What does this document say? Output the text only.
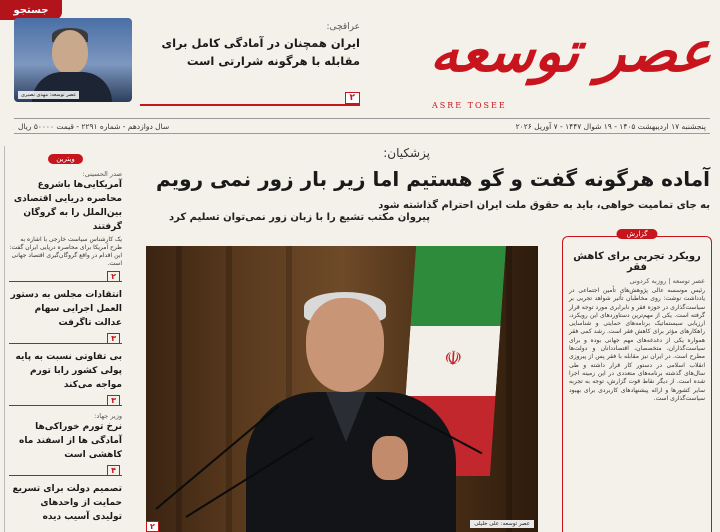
جستجو
عصر توسعه
ASRE TOSEE
عصر توسعه: مهدی نصیری
عراقچی:
ایران همچنان در آمادگی کامل برای مقابله با هرگونه شرارتی است
۲
پنجشنبه ۱۷ اردیبهشت ۱۴۰۵ - ۱۹ شوال ۱۴۴۷ - ۷ آوریل ۲۰۲۶
سال دوازدهم - شماره ۲۲۹۱ - قیمت ۵۰۰۰۰ ریال
ویترین
صدر الحسینی:
آمریکایی‌ها باشروع محاصره دریایی اقتصادی بین‌الملل را به گروگان گرفتند
یک کارشناس سیاست خارجی با اشاره به طرح آمریکا برای محاصره دریایی ایران گفت: این اقدام در واقع گروگان‌گیری اقتصاد جهانی است.
۲
انتقادات مجلس به دستور العمل اجرایی سهام عدالت تاگرفت
۳
بی تفاوتی نسبت به پایه پولی کشور رابا تورم مواجه می‌کند
۳
وزیر جهاد:
نرخ تورم خوراکی‌ها آمادگی ها از اسفند ماه کاهشی است
۴
تصمیم دولت برای تسریع حمایت از واحدهای تولیدی آسیب دیده
پزشکیان:
آماده هرگونه گفت و گو هستیم اما زیر بار زور نمی رویم
به جای تمامیت خواهی، باید به حقوق ملت ایران احترام گذاشته شود
پیروان مکتب تشیع را با زبان زور نمی‌توان تسلیم کرد
☫
عصر توسعه: علی خلیلی
۲
گزارش
رویکرد تجربی برای کاهش فقر
عصر توسعه | روزبه کردونی
رئیس موسسه عالی پژوهش‌های تأمین اجتماعی در یادداشت نوشت: روی مخاطبان تأثیر شواهد تجربی بر سیاست‌گذاری در حوزه فقر و نابرابری مورد توجه قرار گرفته است. یکی از مهم‌ترین دستاوردهای این رویکرد، ارزیابی سیستماتیک برنامه‌های حمایتی و شناسایی راهکارهای مؤثر برای کاهش فقر است. رشد کمی فقر همواره یکی از دغدغه‌های مهم جهانی بوده و برای سیاست‌گذاران، متخصصان، اقتصاددانان و دولت‌ها مطرح است. در ایران نیز مقابله با فقر پس از پیروزی انقلاب اسلامی در دستور کار قرار داشته و طی سال‌های گذشته برنامه‌های متعددی در این زمینه اجرا شده است. از دیگر نقاط قوت گزارش، توجه به تجربه سایر کشورها و ارائه پیشنهادهای کاربردی برای بهبود سیاست‌گذاری است.
